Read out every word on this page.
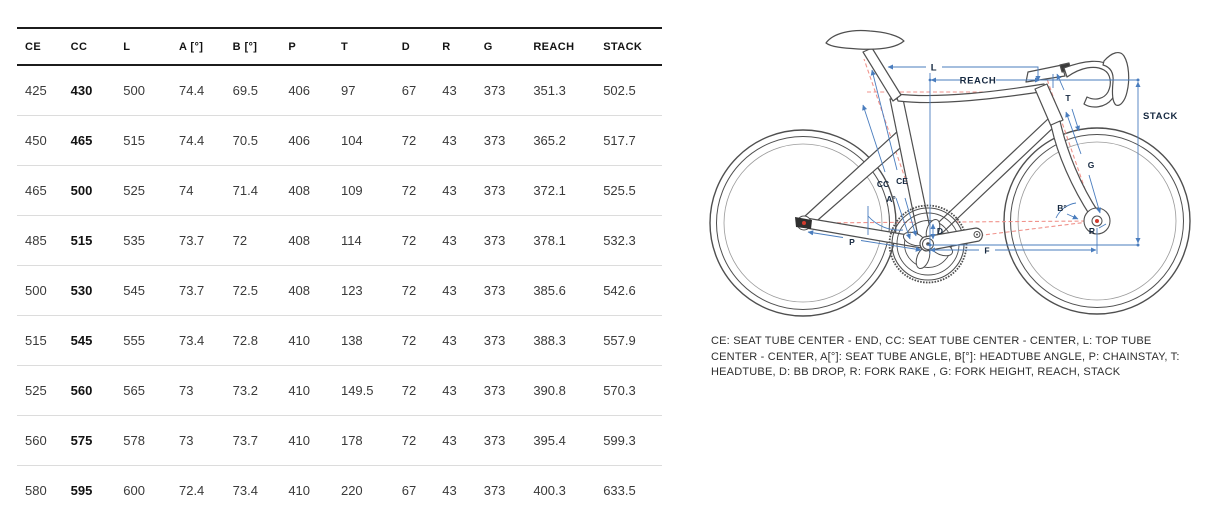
CE	CC	L	A [°]	B [°]	P	T	D	R	G	REACH	STACK
425	430	500	74.4	69.5	406	97	67	43	373	351.3	502.5
450	465	515	74.4	70.5	406	104	72	43	373	365.2	517.7
465	500	525	74	71.4	408	109	72	43	373	372.1	525.5
485	515	535	73.7	72	408	114	72	43	373	378.1	532.3
500	530	545	73.7	72.5	408	123	72	43	373	385.6	542.6
515	545	555	73.4	72.8	410	138	72	43	373	388.3	557.9
525	560	565	73	73.2	410	149.5	72	43	373	390.8	570.3
560	575	578	73	73.7	410	178	72	43	373	395.4	599.3
580	595	600	72.4	73.4	410	220	67	43	373	400.3	633.5
L
REACH
STACK
T
G
CC CE
A°
B°
D
P
F
R
CE: SEAT TUBE CENTER - END, CC: SEAT TUBE CENTER - CENTER, L: TOP TUBE CENTER - CENTER, A[°]: SEAT TUBE ANGLE, B[°]: HEADTUBE ANGLE, P: CHAINSTAY, T: HEADTUBE, D: BB DROP, R: FORK RAKE , G: FORK HEIGHT, REACH, STACK
